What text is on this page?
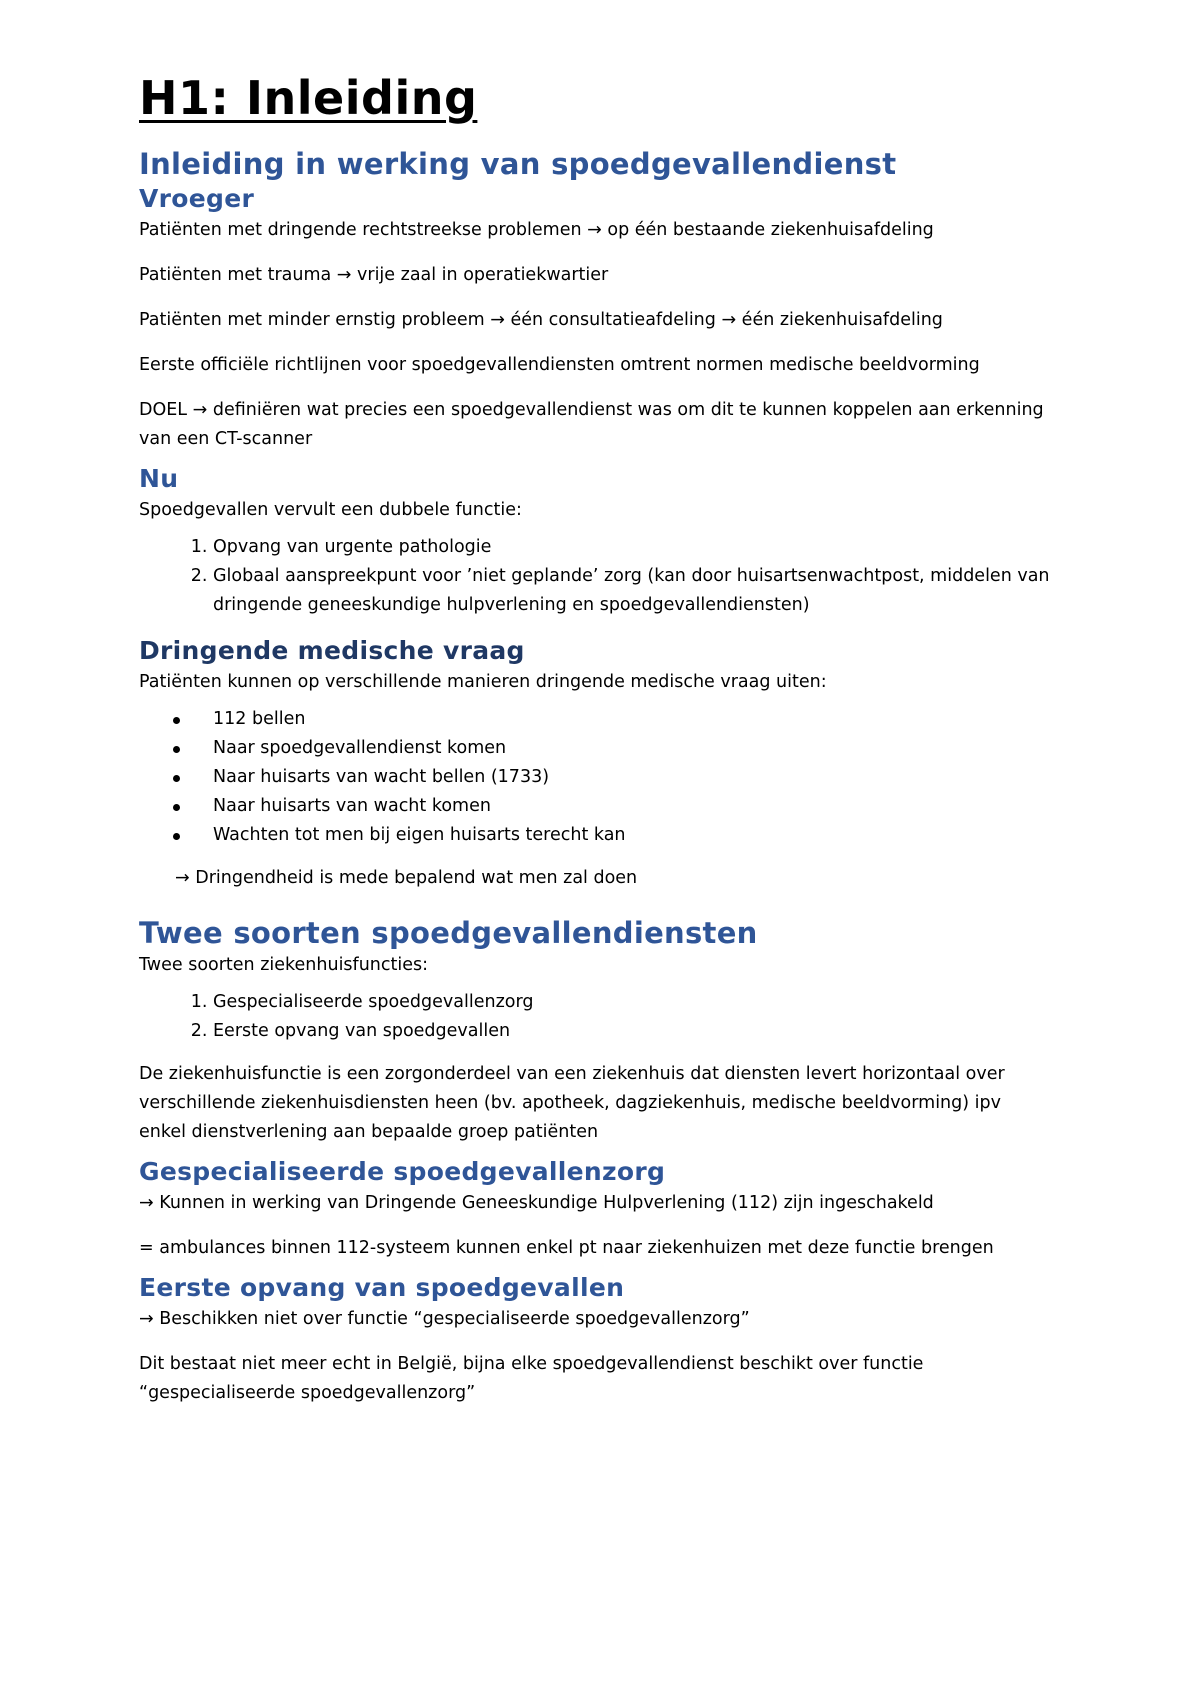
H1: Inleiding
Inleiding in werking van spoedgevallendienst
Vroeger

Patiënten met dringende rechtstreekse problemen → op één bestaande ziekenhuisafdeling

Patiënten met trauma → vrije zaal in operatiekwartier

Patiënten met minder ernstig probleem → één consultatieafdeling → één ziekenhuisafdeling

Eerste officiële richtlijnen voor spoedgevallendiensten omtrent normen medische beeldvorming

DOEL → definiëren wat precies een spoedgevallendienst was om dit te kunnen koppelen aan erkenning van een CT-scanner

Nu

Spoedgevallen vervult een dubbele functie:

1. Opvang van urgente pathologie
2. Globaal aanspreekpunt voor ’niet geplande’ zorg (kan door huisartsenwachtpost, middelen van dringende geneeskundige hulpverlening en spoedgevallendiensten)
Dringende medische vraag

Patiënten kunnen op verschillende manieren dringende medische vraag uiten:

112 bellen
Naar spoedgevallendienst komen
Naar huisarts van wacht bellen (1733)
Naar huisarts van wacht komen
Wachten tot men bij eigen huisarts terecht kan

→ Dringendheid is mede bepalend wat men zal doen

Twee soorten spoedgevallendiensten

Twee soorten ziekenhuisfuncties:

1. Gespecialiseerde spoedgevallenzorg
2. Eerste opvang van spoedgevallen

De ziekenhuisfunctie is een zorgonderdeel van een ziekenhuis dat diensten levert horizontaal over verschillende ziekenhuisdiensten heen (bv. apotheek, dagziekenhuis, medische beeldvorming) ipv enkel dienstverlening aan bepaalde groep patiënten

Gespecialiseerde spoedgevallenzorg

→ Kunnen in werking van Dringende Geneeskundige Hulpverlening (112) zijn ingeschakeld

= ambulances binnen 112-systeem kunnen enkel pt naar ziekenhuizen met deze functie brengen

Eerste opvang van spoedgevallen

→ Beschikken niet over functie “gespecialiseerde spoedgevallenzorg”

Dit bestaat niet meer echt in België, bijna elke spoedgevallendienst beschikt over functie “gespecialiseerde spoedgevallenzorg”
